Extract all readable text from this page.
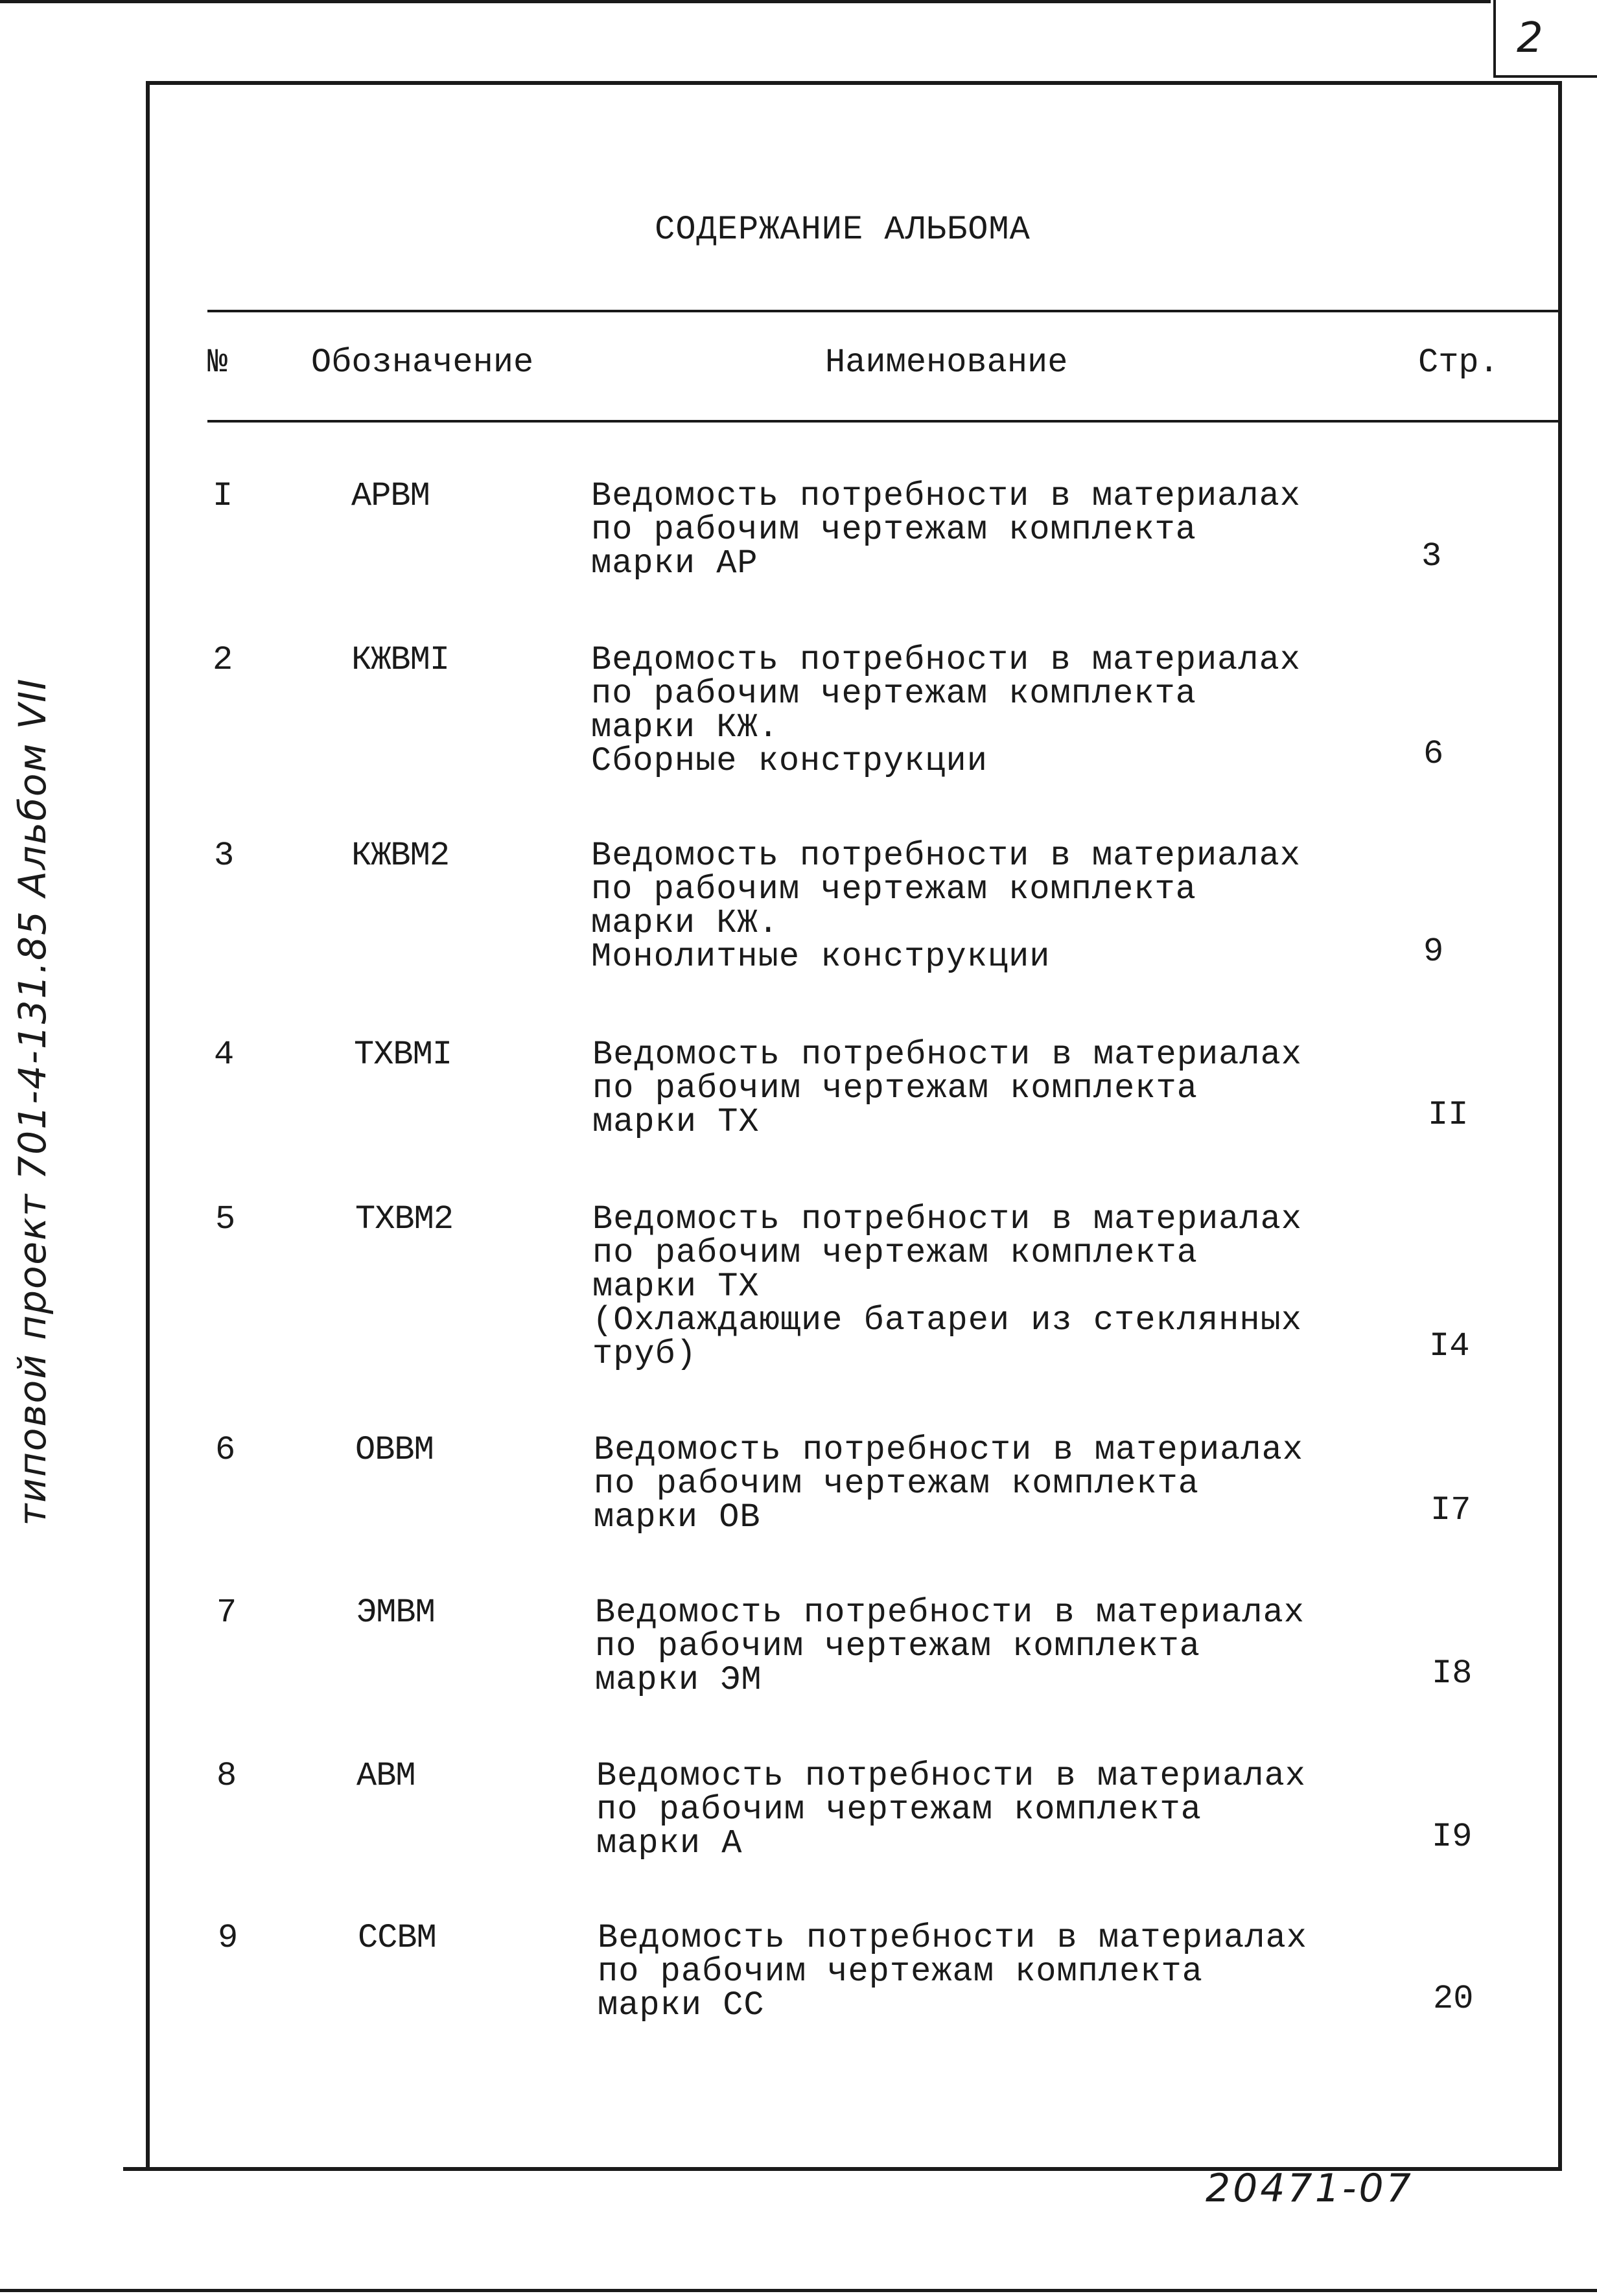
2
типовой проект 701-4-131.85 Альбом VII
СОДЕРЖАНИЕ АЛЬБОМА
№ Обозначение	Наименование	Стр.
I	APBM	Ведомость потребности в материалах
по рабочим чертежам комплекта
марки АР	3
2	КЖВМI	Ведомость потребности в материалах
по рабочим чертежам комплекта
марки КЖ.
Сборные конструкции	6
3	КЖВМ2	Ведомость потребности в материалах
по рабочим чертежам комплекта
марки КЖ.
Монолитные конструкции	9
4	ТХВМI	Ведомость потребности в материалах
по рабочим чертежам комплекта
марки ТХ	II
5	ТХВМ2	Ведомость потребности в материалах
по рабочим чертежам комплекта
марки ТХ
(Охлаждающие батареи из стеклянных
труб)	I4
6	ОВВМ	Ведомость потребности в материалах
по рабочим чертежам комплекта
марки ОВ	I7
7	ЭМВМ	Ведомость потребности в материалах
по рабочим чертежам комплекта
марки ЭМ	I8
8	АВМ	Ведомость потребности в материалах
по рабочим чертежам комплекта
марки А	I9
9	ССВМ	Ведомость потребности в материалах
по рабочим чертежам комплекта
марки СС	20
20471-07
